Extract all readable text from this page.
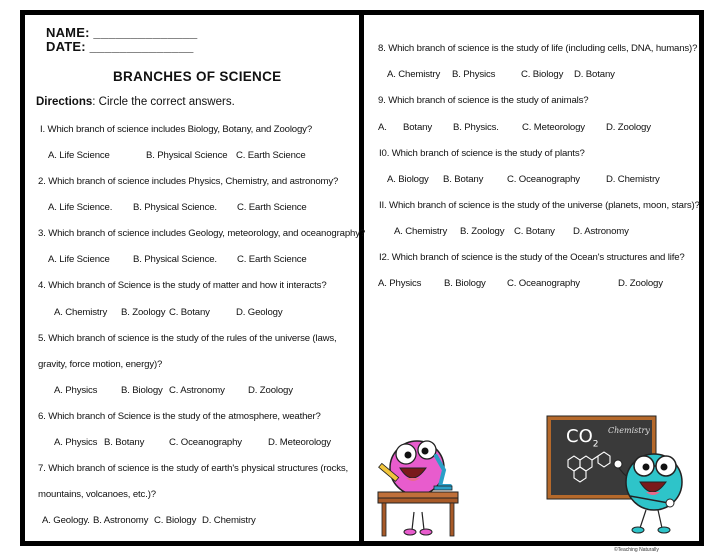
NAME: ______________
DATE: ______________
BRANCHES OF SCIENCE
Directions: Circle the correct answers.
I. Which branch of science includes Biology, Botany, and Zoology?
A. Life Science	B. Physical Science C. Earth Science
2. Which branch of science includes Physics, Chemistry, and astronomy?
A. Life Science. B. Physical Science. C. Earth Science
3. Which branch of science includes Geology, meteorology, and oceanography?
A. Life Science B. Physical Science. C. Earth Science
4. Which branch of Science is the study of matter and how it interacts?
A. Chemistry B. Zoology C. Botany	D. Geology
5. Which branch of science is the study of the rules of the universe (laws,
gravity, force motion, energy)?
A. Physics B. Biology C. Astronomy D. Zoology
6. Which branch of Science is the study of the atmosphere, weather?
A. Physics B. Botany	C. Oceanography	D. Meteorology
7. Which branch of science is the study of earth's physical structures (rocks,
mountains, volcanoes, etc.)?
A. Geology. B. Astronomy C. Biology D. Chemistry
8. Which branch of science is the study of life (including cells, DNA, humans)?
A. Chemistry B. Physics	C. Biology D. Botany
9. Which branch of science is the study of animals?
A. Botany B. Physics. C. Meteorology D. Zoology
I0. Which branch of science is the study of plants?
A. Biology B. Botany C. Oceanography	D. Chemistry
II. Which branch of science is the study of the universe (planets, moon, stars)?
A. Chemistry B. Zoology C. Botany D. Astronomy
I2. Which branch of science is the study of the Ocean's structures and life?
A. Physics B. Biology C. Oceanography	D. Zoology
$CO_2$
Chemistry
©Teaching Naturally
